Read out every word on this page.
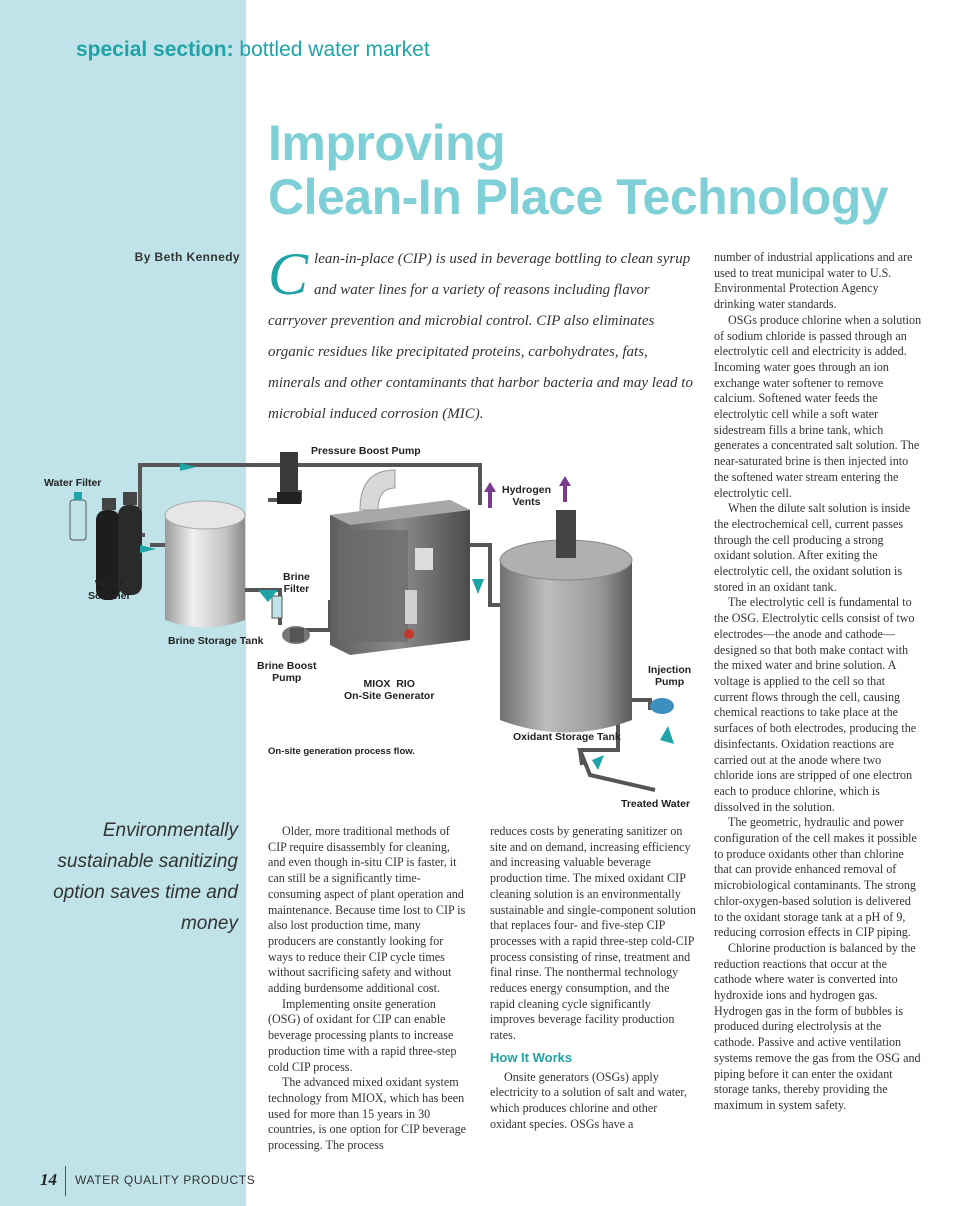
special section: bottled water market
Improving
Clean-In Place Technology
By Beth Kennedy Clean-in-place (CIP) is used in beverage bottling to clean syrup and water lines for a variety of reasons including flavor carryover prevention and microbial control. CIP also eliminates organic residues like precipitated proteins, carbohydrates, fats, minerals and other contaminants that harbor bacteria and may lead to microbial induced corrosion (MIC).
Water Filter
Water
Softener
Pressure Boost Pump
Brine
Filter
Brine Storage Tank
Brine Boost
Pump	MIOX  RIO
On-Site Generator
Hydrogen
Vents
Injection
Pump
Oxidant Storage Tank
Treated Water
On-site generation process flow.
Environmentally sustainable sanitizing option saves time and money

Older, more traditional methods of CIP require disassembly for cleaning, and even though in-situ CIP is faster, it can still be a significantly time-consuming aspect of plant operation and maintenance. Because time lost to CIP is also lost production time, many producers are constantly looking for ways to reduce their CIP cycle times without sacrificing safety and without adding burdensome additional cost.

Implementing onsite generation (OSG) of oxidant for CIP can enable beverage processing plants to increase production time with a rapid three-step cold CIP process.

The advanced mixed oxidant system technology from MIOX, which has been used for more than 15 years in 30 countries, is one option for CIP beverage processing. The process

reduces costs by generating sanitizer on site and on demand, increasing efficiency and increasing valuable beverage production time. The mixed oxidant CIP cleaning solution is an environmentally sustainable and single-component solution that replaces four- and five-step CIP processes with a rapid three-step cold-CIP process consisting of rinse, treatment and final rinse. The nonthermal technology reduces energy consumption, and the rapid cleaning cycle significantly improves beverage facility production rates.

How It Works

Onsite generators (OSGs) apply electricity to a solution of salt and water, which produces chlorine and other oxidant species. OSGs have a

number of industrial applications and are used to treat municipal water to U.S. Environmental Protection Agency drinking water standards.

OSGs produce chlorine when a solution of sodium chloride is passed through an electrolytic cell and electricity is added. Incoming water goes through an ion exchange water softener to remove calcium. Softened water feeds the electrolytic cell while a soft water sidestream fills a brine tank, which generates a concentrated salt solution. The near-saturated brine is then injected into the softened water stream entering the electrolytic cell.

When the dilute salt solution is inside the electrochemical cell, current passes through the cell producing a strong oxidant solution. After exiting the electrolytic cell, the oxidant solution is stored in an oxidant tank.

The electrolytic cell is fundamental to the OSG. Electrolytic cells consist of two electrodes—the anode and cathode—designed so that both make contact with the mixed water and brine solution. A voltage is applied to the cell so that current flows through the cell, causing chemical reactions to take place at the surfaces of both electrodes, producing the disinfectants. Oxidation reactions are carried out at the anode where two chloride ions are stripped of one electron each to produce chlorine, which is dissolved in the solution.

The geometric, hydraulic and power configuration of the cell makes it possible to produce oxidants other than chlorine that can provide enhanced removal of microbiological contaminants. The strong chlor-oxygen-based solution is delivered to the oxidant storage tank at a pH of 9, reducing corrosion effects in CIP piping.

Chlorine production is balanced by the reduction reactions that occur at the cathode where water is converted into hydroxide ions and hydrogen gas. Hydrogen gas in the form of bubbles is produced during electrolysis at the cathode. Passive and active ventilation systems remove the gas from the OSG and piping before it can enter the oxidant storage tanks, thereby providing the maximum in system safety.

14 WATER QUALITY PRODUCTS
